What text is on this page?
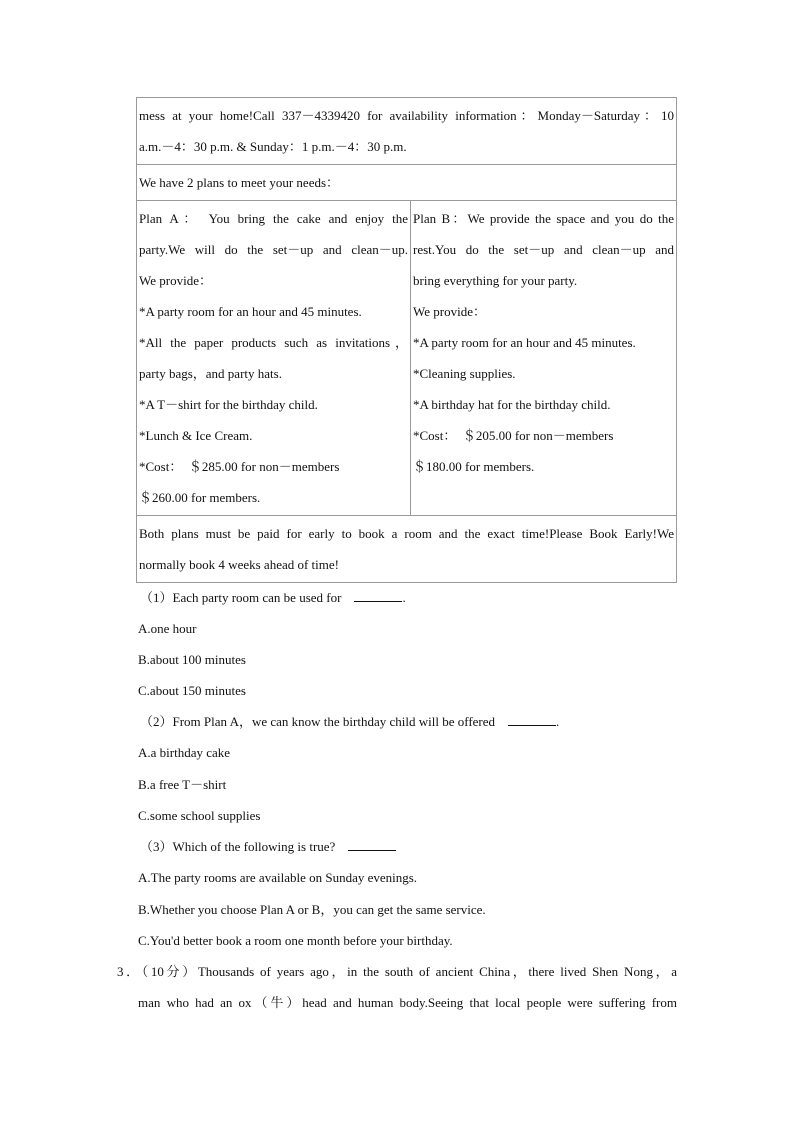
mess at your home!Call 337－4339420 for availability information：Monday－Saturday：10
a.m.－4：30 p.m. & Sunday：1 p.m.－4：30 p.m.

We have 2 plans to meet your needs：

Plan A： You bring the cake and enjoy the
party.We will do the set－up and clean－up.
We provide：
*A party room for an hour and 45 minutes.
*All the paper products such as invitations，
party bags，and party hats.
*A T－shirt for the birthday child.
*Lunch & Ice Cream.
*Cost：　＄285.00 for non－members
＄260.00 for members.

Plan B：We provide the space and you do the
rest.You do the set－up and clean－up and
bring everything for your party.
We provide：
*A party room for an hour and 45 minutes.
*Cleaning supplies.
*A birthday hat for the birthday child.
*Cost：　＄205.00 for non－members
＄180.00 for members.

Both plans must be paid for early to book a room and the exact time!Please Book Early!We
normally book 4 weeks ahead of time!
（1）Each party room can be used for　	.
A.one hour
B.about 100 minutes
C.about 150 minutes
（2）From Plan A，we can know the birthday child will be offered　	.
A.a birthday cake
B.a free T－shirt
C.some school supplies
（3）Which of the following is true?　
A.The party rooms are available on Sunday evenings.
B.Whether you choose Plan A or B，you can get the same service.
C.You'd better book a room one month before your birthday.
3．（10分）Thousands of years ago，in the south of ancient China，there lived Shen Nong，a
man who had an ox（牛）head and human body.Seeing that local people were suffering from
